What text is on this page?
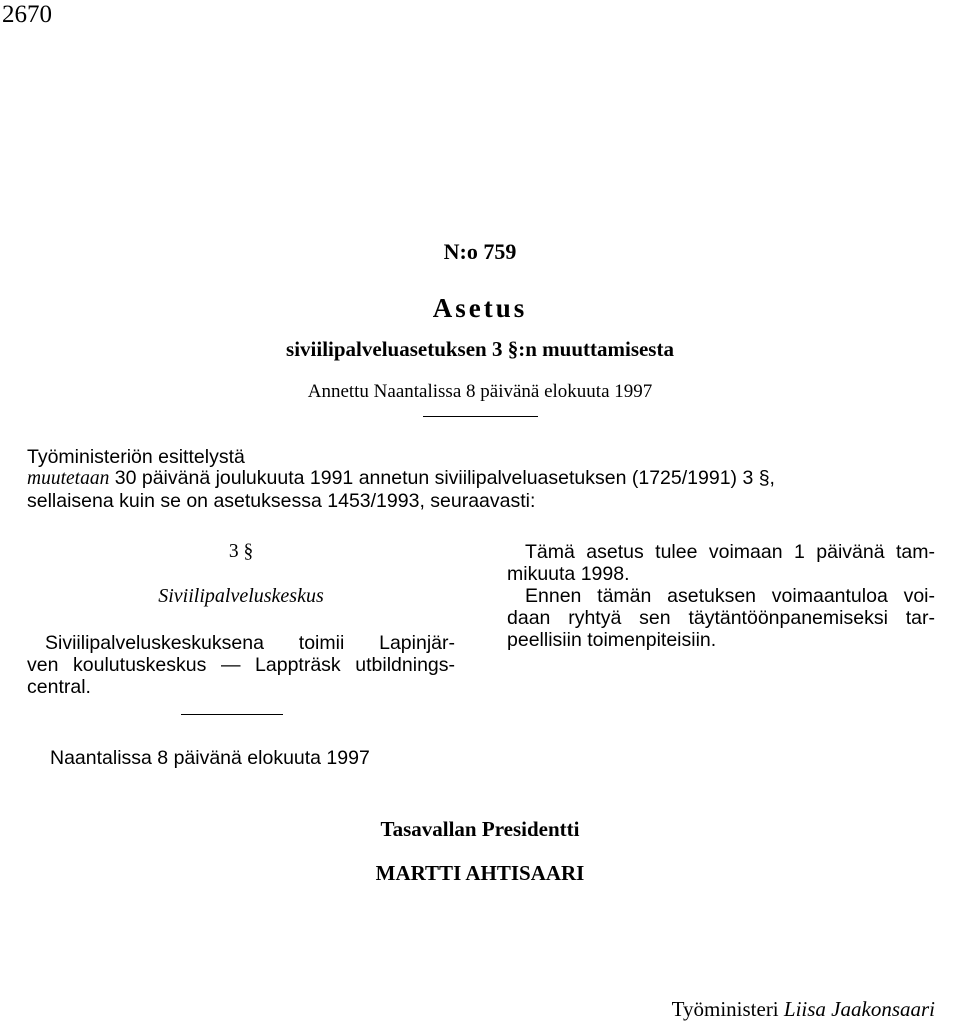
2670
N:o 759
Asetus
siviilipalveluasetuksen 3 §:n muuttamisesta
Annettu Naantalissa 8 päivänä elokuuta 1997
Työministeriön esittelystä
muutetaan 30 päivänä joulukuuta 1991 annetun siviilipalveluasetuksen (1725/1991) 3 §,
sellaisena kuin se on asetuksessa 1453/1993, seuraavasti:
3 §
Siviilipalveluskeskus
Siviilipalveluskeskuksena toimii Lapinjär-
ven koulutuskeskus — Lappträsk utbildnings-
central.
Tämä asetus tulee voimaan 1 päivänä tam-
mikuuta 1998.
Ennen tämän asetuksen voimaantuloa voi-
daan ryhtyä sen täytäntöönpanemiseksi tar-
peellisiin toimenpiteisiin.
Naantalissa 8 päivänä elokuuta 1997
Tasavallan Presidentti
MARTTI AHTISAARI
Työministeri Liisa Jaakonsaari
